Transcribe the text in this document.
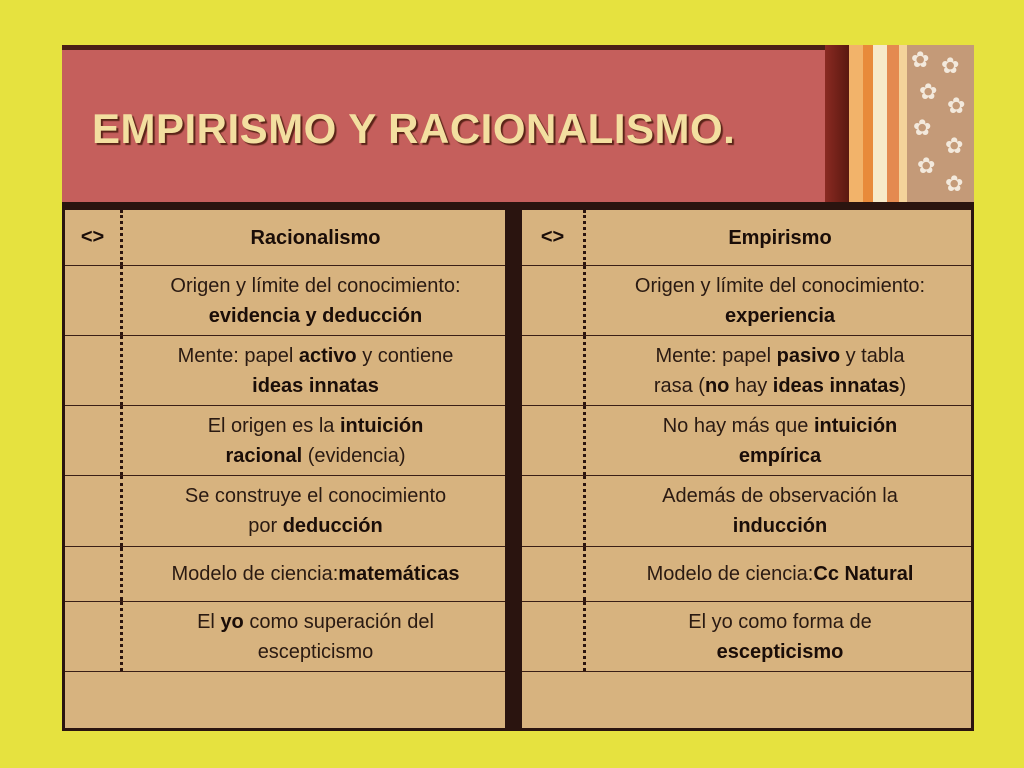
EMPIRISMO Y RACIONALISMO.
✿ ✿
✿
✿
✿
✿
✿
✿
<>	Racionalismo
Origen y límite del conocimiento:
evidencia y deducción
Mente: papel activo y contiene
ideas innatas
El origen es la intuición
racional (evidencia)
Se construye el conocimiento
por deducción
Modelo de ciencia:matemáticas
El yo como superación del
escepticismo
<>	Empirismo
Origen y límite del conocimiento:
experiencia
Mente: papel pasivo y tabla
rasa (no hay ideas innatas)
No hay más que intuición
empírica
Además de observación la
inducción
Modelo de ciencia:Cc Natural
El yo como forma de
escepticismo
